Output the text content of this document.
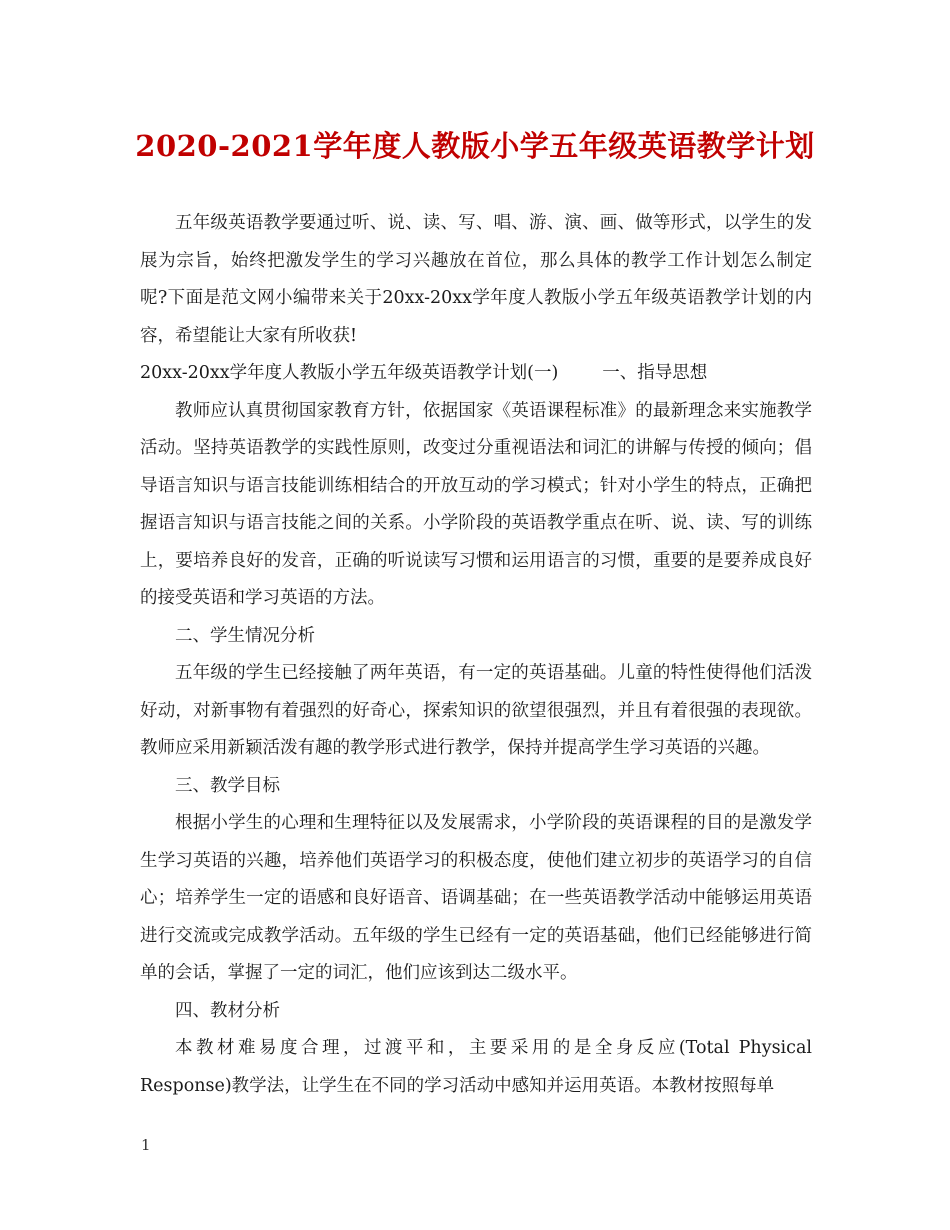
2020-2021学年度人教版小学五年级英语教学计划

五年级英语教学要通过听、说、读、写、唱、游、演、画、做等形式，以学生的发展为宗旨，始终把激发学生的学习兴趣放在首位，那么具体的教学工作计划怎么制定呢?下面是范文网小编带来关于20xx-20xx学年度人教版小学五年级英语教学计划的内容，希望能让大家有所收获!

20xx-20xx学年度人教版小学五年级英语教学计划(一)	一、指导思想

教师应认真贯彻国家教育方针，依据国家《英语课程标准》的最新理念来实施教学活动。坚持英语教学的实践性原则，改变过分重视语法和词汇的讲解与传授的倾向；倡导语言知识与语言技能训练相结合的开放互动的学习模式；针对小学生的特点，正确把握语言知识与语言技能之间的关系。小学阶段的英语教学重点在听、说、读、写的训练上，要培养良好的发音，正确的听说读写习惯和运用语言的习惯，重要的是要养成良好的接受英语和学习英语的方法。

二、学生情况分析

五年级的学生已经接触了两年英语，有一定的英语基础。儿童的特性使得他们活泼好动，对新事物有着强烈的好奇心，探索知识的欲望很强烈，并且有着很强的表现欲。教师应采用新颖活泼有趣的教学形式进行教学，保持并提高学生学习英语的兴趣。

三、教学目标

根据小学生的心理和生理特征以及发展需求，小学阶段的英语课程的目的是激发学生学习英语的兴趣，培养他们英语学习的积极态度，使他们建立初步的英语学习的自信心；培养学生一定的语感和良好语音、语调基础；在一些英语教学活动中能够运用英语进行交流或完成教学活动。五年级的学生已经有一定的英语基础，他们已经能够进行简单的会话，掌握了一定的词汇，他们应该到达二级水平。

四、教材分析

本教材难易度合理，过渡平和，主要采用的是全身反应(Total Physical Response)教学法，让学生在不同的学习活动中感知并运用英语。本教材按照每单

1
